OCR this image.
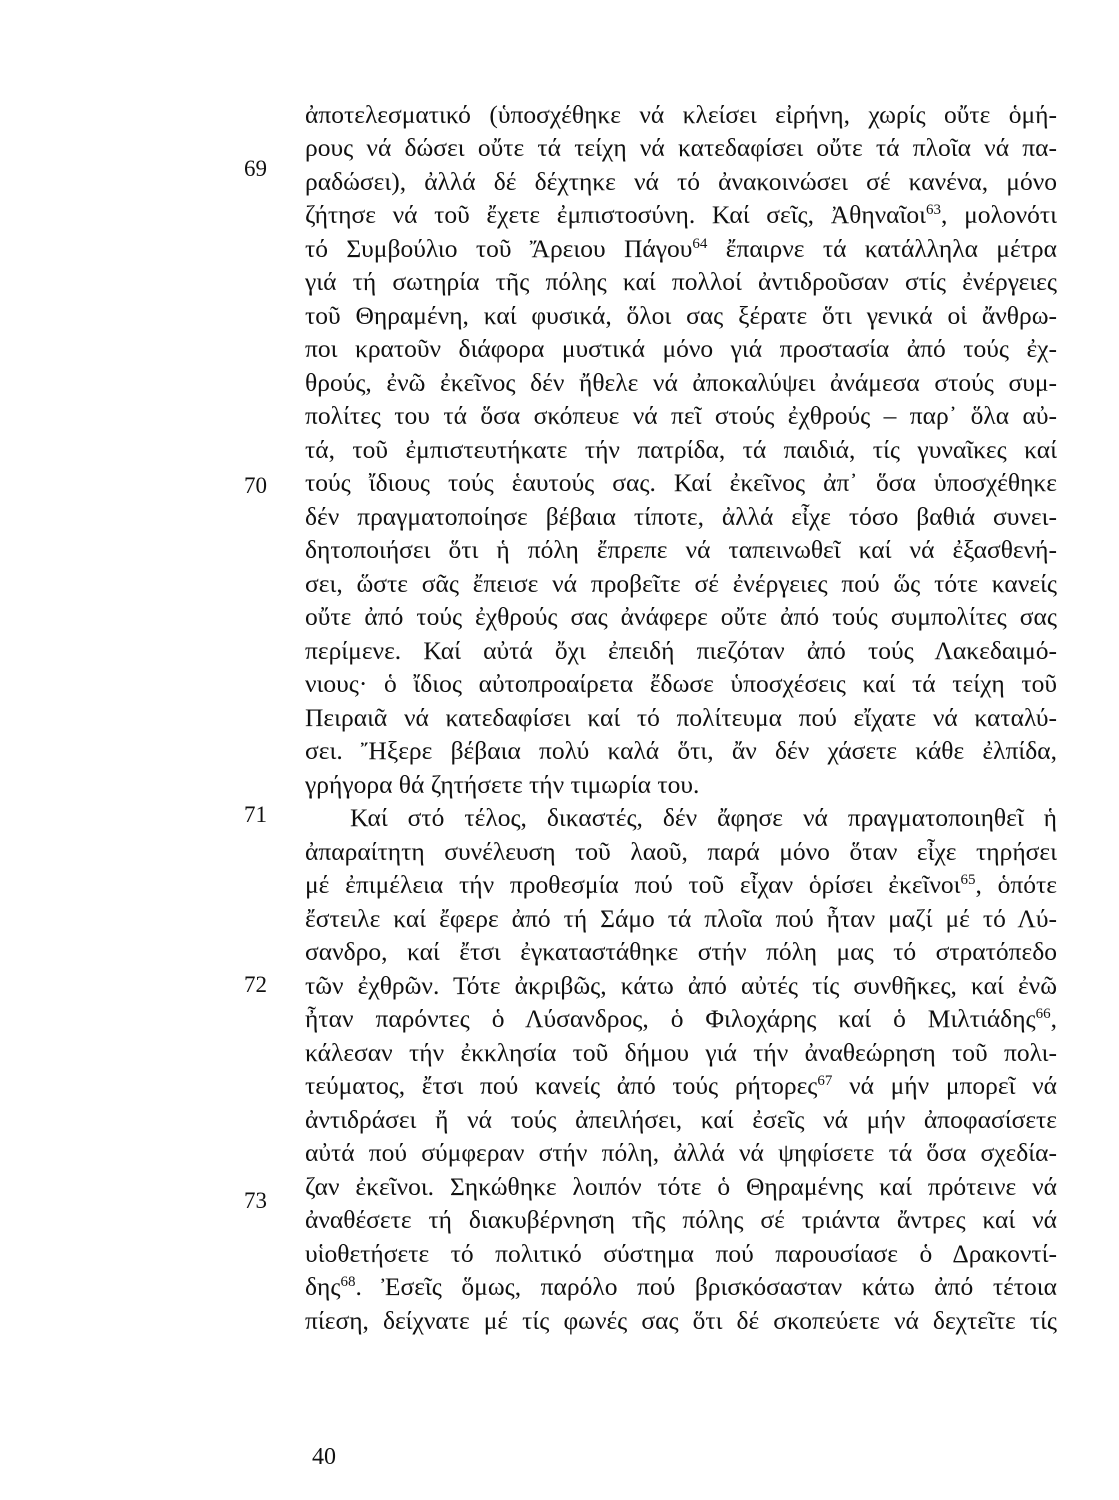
69
70
71
72
73
ἀποτελεσματικό (ὑποσχέθηκε νά κλείσει εἰρήνη, χωρίς οὔτε ὁμή-
ρους νά δώσει οὔτε τά τείχη νά κατεδαφίσει οὔτε τά πλοῖα νά πα-
ραδώσει), ἀλλά δέ δέχτηκε νά τό ἀνακοινώσει σέ κανένα, μόνο
ζήτησε νά τοῦ ἔχετε ἐμπιστοσύνη. Καί σεῖς, Ἀθηναῖοι$^{63}$, μολονότι
τό Συμβούλιο τοῦ Ἄρειου Πάγου$^{64}$ ἔπαιρνε τά κατάλληλα μέτρα
γιά τή σωτηρία τῆς πόλης καί πολλοί ἀντιδροῦσαν στίς ἐνέργειες
τοῦ Θηραμένη, καί φυσικά, ὅλοι σας ξέρατε ὅτι γενικά οἱ ἄνθρω-
ποι κρατοῦν διάφορα μυστικά μόνο γιά προστασία ἀπό τούς ἐχ-
θρούς, ἐνῶ ἐκεῖνος δέν ἤθελε νά ἀποκαλύψει ἀνάμεσα στούς συμ-
πολίτες του τά ὅσα σκόπευε νά πεῖ στούς ἐχθρούς – παρ᾿ ὅλα αὐ-
τά, τοῦ ἐμπιστευτήκατε τήν πατρίδα, τά παιδιά, τίς γυναῖκες καί
τούς ἴδιους τούς ἑαυτούς σας. Καί ἐκεῖνος ἀπ᾿ ὅσα ὑποσχέθηκε
δέν πραγματοποίησε βέβαια τίποτε, ἀλλά εἶχε τόσο βαθιά συνει-
δητοποιήσει ὅτι ἡ πόλη ἔπρεπε νά ταπεινωθεῖ καί νά ἐξασθενή-
σει, ὥστε σᾶς ἔπεισε νά προβεῖτε σέ ἐνέργειες πού ὥς τότε κανείς
οὔτε ἀπό τούς ἐχθρούς σας ἀνάφερε οὔτε ἀπό τούς συμπολίτες σας
περίμενε. Καί αὐτά ὄχι ἐπειδή πιεζόταν ἀπό τούς Λακεδαιμό-
νιους· ὁ ἴδιος αὐτοπροαίρετα ἔδωσε ὑποσχέσεις καί τά τείχη τοῦ
Πειραιᾶ νά κατεδαφίσει καί τό πολίτευμα πού εἴχατε νά καταλύ-
σει. Ἤξερε βέβαια πολύ καλά ὅτι, ἄν δέν χάσετε κάθε ἐλπίδα,
γρήγορα θά ζητήσετε τήν τιμωρία του.
Καί στό τέλος, δικαστές, δέν ἄφησε νά πραγματοποιηθεῖ ἡ
ἀπαραίτητη συνέλευση τοῦ λαοῦ, παρά μόνο ὅταν εἶχε τηρήσει
μέ ἐπιμέλεια τήν προθεσμία πού τοῦ εἶχαν ὁρίσει ἐκεῖνοι$^{65}$, ὁπότε
ἔστειλε καί ἔφερε ἀπό τή Σάμο τά πλοῖα πού ἦταν μαζί μέ τό Λύ-
σανδρο, καί ἔτσι ἐγκαταστάθηκε στήν πόλη μας τό στρατόπεδο
τῶν ἐχθρῶν. Τότε ἀκριβῶς, κάτω ἀπό αὐτές τίς συνθῆκες, καί ἐνῶ
ἦταν παρόντες ὁ Λύσανδρος, ὁ Φιλοχάρης καί ὁ Μιλτιάδης$^{66}$,
κάλεσαν τήν ἐκκλησία τοῦ δήμου γιά τήν ἀναθεώρηση τοῦ πολι-
τεύματος, ἔτσι πού κανείς ἀπό τούς ρήτορες$^{67}$ νά μήν μπορεῖ νά
ἀντιδράσει ἤ νά τούς ἀπειλήσει, καί ἐσεῖς νά μήν ἀποφασίσετε
αὐτά πού σύμφεραν στήν πόλη, ἀλλά νά ψηφίσετε τά ὅσα σχεδία-
ζαν ἐκεῖνοι. Σηκώθηκε λοιπόν τότε ὁ Θηραμένης καί πρότεινε νά
ἀναθέσετε τή διακυβέρνηση τῆς πόλης σέ τριάντα ἄντρες καί νά
υἱοθετήσετε τό πολιτικό σύστημα πού παρουσίασε ὁ Δρακοντί-
δης$^{68}$. Ἐσεῖς ὅμως, παρόλο πού βρισκόσασταν κάτω ἀπό τέτοια
πίεση, δείχνατε μέ τίς φωνές σας ὅτι δέ σκοπεύετε νά δεχτεῖτε τίς
40
